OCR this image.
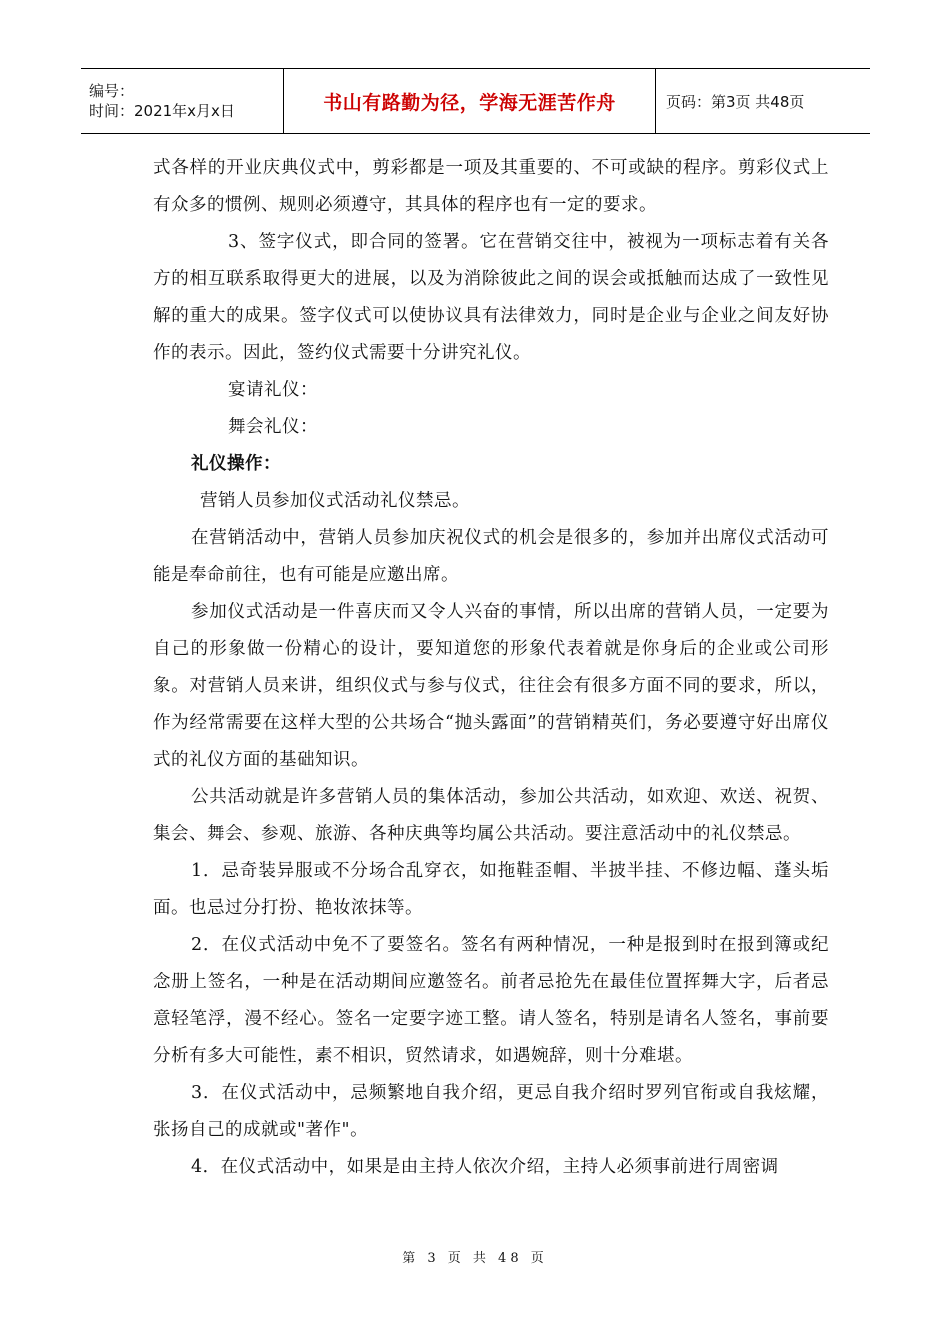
编号：
时间：2021年x月x日	书山有路勤为径，学海无涯苦作舟	页码：第3页 共48页

式各样的开业庆典仪式中，剪彩都是一项及其重要的、不可或缺的程序。剪彩仪式上有众多的惯例、规则必须遵守，其具体的程序也有一定的要求。

3、签字仪式，即合同的签署。它在营销交往中，被视为一项标志着有关各方的相互联系取得更大的进展，以及为消除彼此之间的误会或抵触而达成了一致性见解的重大的成果。签字仪式可以使协议具有法律效力，同时是企业与企业之间友好协作的表示。因此，签约仪式需要十分讲究礼仪。

宴请礼仪：

舞会礼仪：

礼仪操作：

营销人员参加仪式活动礼仪禁忌。

在营销活动中，营销人员参加庆祝仪式的机会是很多的，参加并出席仪式活动可能是奉命前往，也有可能是应邀出席。

参加仪式活动是一件喜庆而又令人兴奋的事情，所以出席的营销人员，一定要为自己的形象做一份精心的设计，要知道您的形象代表着就是你身后的企业或公司形象。对营销人员来讲，组织仪式与参与仪式，往往会有很多方面不同的要求，所以，作为经常需要在这样大型的公共场合“抛头露面”的营销精英们，务必要遵守好出席仪式的礼仪方面的基础知识。

公共活动就是许多营销人员的集体活动，参加公共活动，如欢迎、欢送、祝贺、集会、舞会、参观、旅游、各种庆典等均属公共活动。要注意活动中的礼仪禁忌。

1．忌奇装异服或不分场合乱穿衣，如拖鞋歪帽、半披半挂、不修边幅、蓬头垢面。也忌过分打扮、艳妆浓抹等。

2．在仪式活动中免不了要签名。签名有两种情况，一种是报到时在报到簿或纪念册上签名，一种是在活动期间应邀签名。前者忌抢先在最佳位置挥舞大字，后者忌意轻笔浮，漫不经心。签名一定要字迹工整。请人签名，特别是请名人签名，事前要分析有多大可能性，素不相识，贸然请求，如遇婉辞，则十分难堪。

3．在仪式活动中，忌频繁地自我介绍，更忌自我介绍时罗列官衔或自我炫耀，张扬自己的成就或"著作"。

4．在仪式活动中，如果是由主持人依次介绍，主持人必须事前进行周密调

第 3 页 共 48 页
